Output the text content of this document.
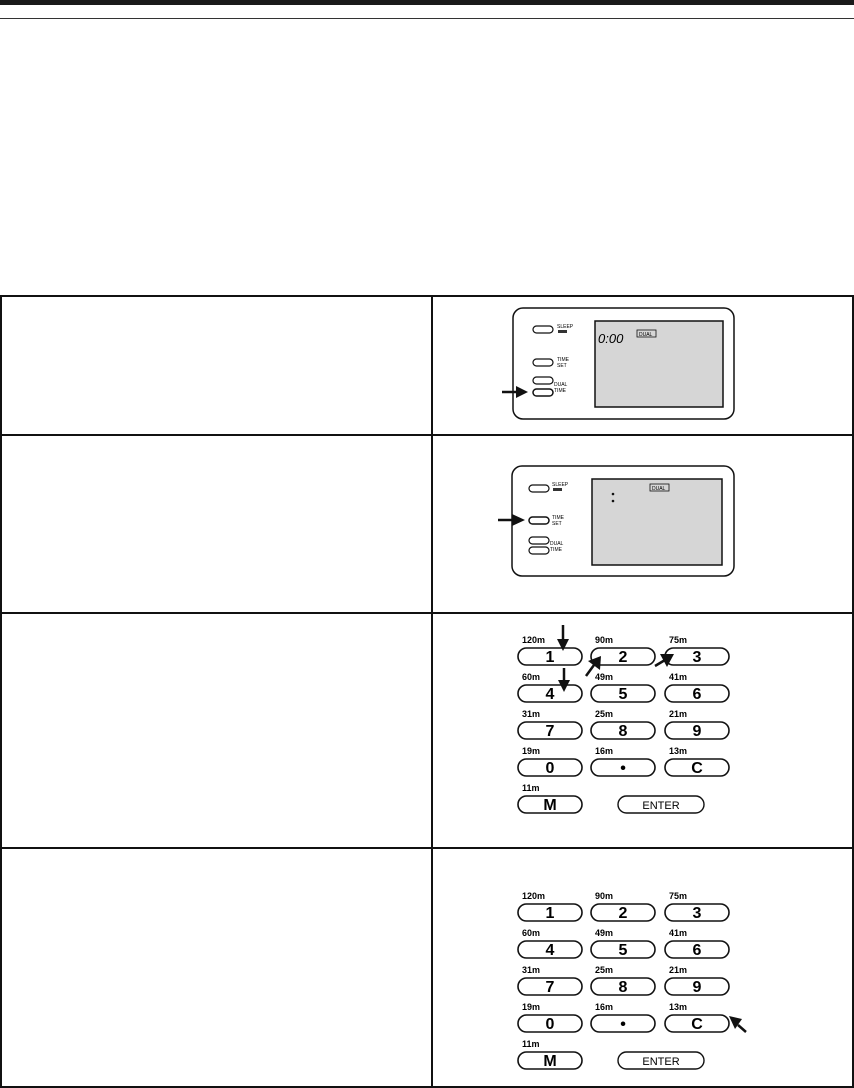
SLEEP
TIME
SET
DUAL
TIME
0:00	DUAL
SLEEP
TIME
SET
DUAL
TIME
DUAL
120m
1
90m
2
75m
3
60m
4
49m
5
41m
6
31m
7
25m
8
21m
9
19m
0
16m
•
13m
C
11m
M	ENTER
120m
1
90m
2
75m
3
60m
4
49m
5
41m
6
31m
7
25m
8
21m
9
19m
0
16m
•
13m
C
11m
M	ENTER
